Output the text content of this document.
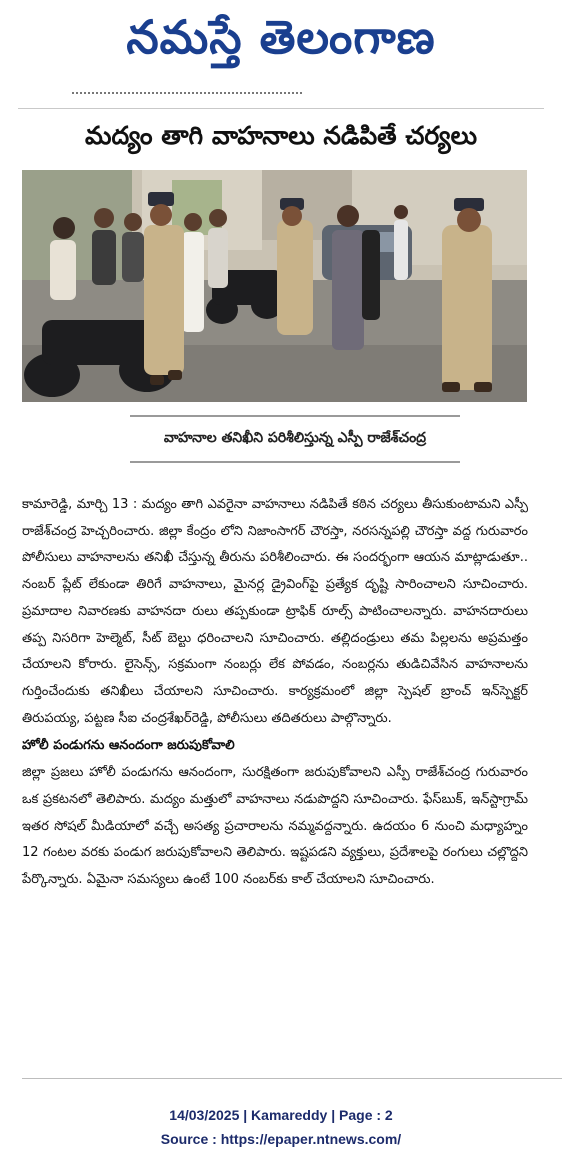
నమస్తే తెలంగాణ
మద్యం తాగి వాహనాలు నడిపితే చర్యలు
వాహనాల తనిఖీని పరిశీలిస్తున్న ఎస్పీ రాజేశ్‌చంద్ర

కామారెడ్డి, మార్చి 13 : మద్యం తాగి ఎవరైనా వాహనాలు నడిపితే కఠిన చర్యలు తీసుకుంటామని ఎస్పీ రాజేశ్‌చంద్ర హెచ్చరించారు. జిల్లా కేంద్రం లోని నిజాంసాగర్ చౌరస్తా, నరసన్నపల్లి చౌరస్తా వద్ద గురువారం పోలీసులు వాహనాలను తనిఖీ చేస్తున్న తీరును పరిశీలించారు. ఈ సందర్భంగా ఆయన మాట్లాడుతూ.. నంబర్ ప్లేట్ లేకుండా తిరిగే వాహనాలు, మైనర్ల డ్రైవింగ్‌పై ప్రత్యేక దృష్టి సారించాలని సూచించారు. ప్రమాదాల నివారణకు వాహనదా రులు తప్పకుండా ట్రాఫిక్ రూల్స్ పాటించాలన్నారు. వాహనదారులు తప్ప నిసరిగా హెల్మెట్, సీట్ బెల్టు ధరించాలని సూచించారు. తల్లిదండ్రులు తమ పిల్లలను అప్రమత్తం చేయాలని కోరారు. లైసెన్స్, సక్రమంగా నంబర్లు లేక పోవడం, నంబర్లను తుడిచివేసిన వాహనాలను గుర్తించేందుకు తనిఖీలు చేయాలని సూచించారు. కార్యక్రమంలో జిల్లా స్పెషల్ బ్రాంచ్ ఇన్‌స్పెక్టర్ తిరుపయ్య, పట్టణ సీఐ చంద్రశేఖర్‌రెడ్డి, పోలీసులు తదితరులు పాల్గొన్నారు.

హోలీ పండుగను ఆనందంగా జరుపుకోవాలి

జిల్లా ప్రజలు హోలీ పండుగను ఆనందంగా, సురక్షితంగా జరుపుకోవాలని ఎస్పీ రాజేశ్‌చంద్ర గురువారం ఒక ప్రకటనలో తెలిపారు. మద్యం మత్తులో వాహనాలు నడుపొద్దని సూచించారు. ఫేస్‌బుక్, ఇన్‌స్టాగ్రామ్ ఇతర సోషల్ మీడియాలో వచ్చే అసత్య ప్రచారాలను నమ్మవద్దన్నారు. ఉదయం 6 నుంచి మధ్యాహ్నం 12 గంటల వరకు పండుగ జరుపుకోవాలని తెలిపారు. ఇష్టపడని వ్యక్తులు, ప్రదేశాలపై రంగులు చల్లొద్దని పేర్కొన్నారు. ఏమైనా సమస్యలు ఉంటే 100 నంబర్‌కు కాల్ చేయాలని సూచించారు.

14/03/2025 | Kamareddy | Page : 2
Source : https://epaper.ntnews.com/
